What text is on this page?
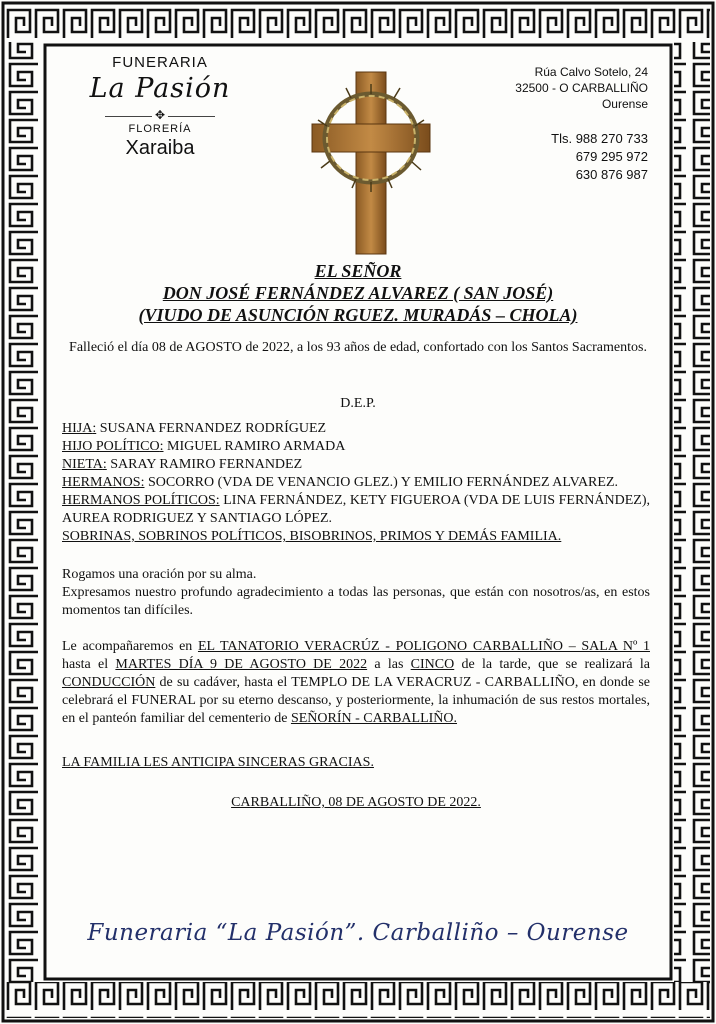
FUNERARIA
La Pasión
✥
FLORERÍA
Xaraiba
Rúa Calvo Sotelo, 24
32500 - O CARBALLIÑO
Ourense
Tls. 988 270 733
679 295 972
630 876 987
EL SEÑOR
DON JOSÉ FERNÁNDEZ ALVAREZ ( SAN JOSÉ)
(VIUDO DE ASUNCIÓN RGUEZ. MURADÁS – CHOLA)
Falleció el día 08 de AGOSTO de 2022, a los 93 años de edad, confortado con los Santos Sacramentos.
D.E.P.

HIJA: SUSANA FERNANDEZ RODRÍGUEZ

HIJO POLÍTICO: MIGUEL RAMIRO ARMADA

NIETA: SARAY RAMIRO FERNANDEZ

HERMANOS: SOCORRO (VDA DE VENANCIO GLEZ.) Y EMILIO FERNÁNDEZ ALVAREZ.

HERMANOS POLÍTICOS: LINA FERNÁNDEZ, KETY FIGUEROA (VDA DE LUIS FERNÁNDEZ), AUREA RODRIGUEZ Y SANTIAGO LÓPEZ.

SOBRINAS, SOBRINOS POLÍTICOS, BISOBRINOS, PRIMOS Y DEMÁS FAMILIA.

Rogamos una oración por su alma.

Expresamos nuestro profundo agradecimiento a todas las personas, que están con nosotros/as, en estos momentos tan difíciles.

Le acompañaremos en EL TANATORIO VERACRÚZ - POLIGONO CARBALLIÑO – SALA Nº 1 hasta el MARTES DÍA 9 DE AGOSTO DE 2022 a las CINCO de la tarde, que se realizará la CONDUCCIÓN de su cadáver, hasta el TEMPLO DE LA VERACRUZ - CARBALLIÑO, en donde se celebrará el FUNERAL por su eterno descanso, y posteriormente, la inhumación de sus restos mortales, en el panteón familiar del cementerio de SEÑORÍN - CARBALLIÑO.

LA FAMILIA LES ANTICIPA SINCERAS GRACIAS.

CARBALLIÑO, 08 DE AGOSTO DE 2022.

Funeraria “La Pasión”. Carballiño – Ourense
